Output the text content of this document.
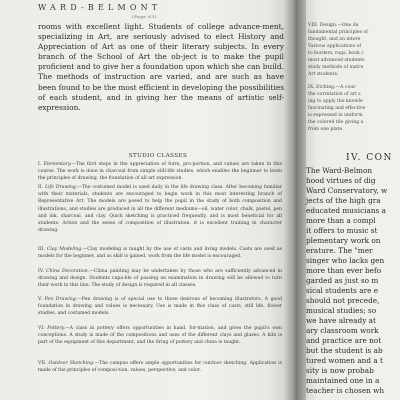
WARD-BELMONT
(Page 63)

rooms with excellent light. Students of college advance-ment, specializing in Art, are seriously advised to elect History and Appreciation of Art as one of their literary subjects. In every branch of the School of Art the ob-ject is to make the pupil proficient and to give her a foundation upon which she can build. The methods of instruction are varied, and are such as have been found to be the most efficient in developing the possibilities of each student, and in giving her the means of artistic self-expression.

STUDIO CLASSES
I. Elementary.—The first steps in the appreciation of form, pro-portion, and values are taken in this course. The work is done in charcoal from simple still-life studies, which enables the beginner to learn the principles of drawing, the foundation of all art expression.
II. Life Drawing.—The costumed model is used daily in the life drawing class. After becoming familiar with their materials, students are encouraged to begin work in this most interesting branch of Representative Art. The models are posed to help the pupil in the study of both composition and illustrations, and studies are produced in all the different mediums—oil, water color, chalk, pastel, pen and ink, charcoal, and clay. Quick sketching is practiced frequently, and is most beneficial for all students. Action and the sense of composition of illustration, it is excellent training in character drawing.
III. Clay Modeling.—Clay modeling is taught by the use of casts and living models. Casts are used as models for the beginner, and as skill is gained, work from the life model is encouraged.
IV. China Decoration.—China painting may be undertaken by those who are sufficiently advanced in drawing and design. Students capa-ble of passing an examination in drawing will be allowed to turn their work to this line. The study of design is required in all classes.
V. Pen Drawing.—Pen drawing is of special use to those desirous of becoming illustrators. A good foundation in drawing and values is necessary. Use is made in this class of casts, still life, flower studies, and costumed models.
VI. Pottery.—A class in pottery offers opportunities in hand, for-mation, and gives the pupil's own conceptions. A study is made of the compositions and uses of the different clays and glazes. A kiln is part of the equipment of this department, and the firing of pottery and china is taught.
VII. Outdoor Sketching.—The campus offers ample opportunities for outdoor sketching. Application is made of the principles of composi-tion, values, perspective, and color.
VIII. Design.—One da
fundamental principles of
thought, and an intere
Various applications of
to borders, rugs, book c
most advanced students
study methods of instru
Art students.
IX. Etching.—A cour
the correlation of art s
ing to apply the knowle
fascinating and effective
is expressed in uniform
the colored tile giving a
from one plate.
IV. CON
The Ward-Belmon
hood virtues of dig
Ward Conservatory, w
jects of the high gra
educated musicians a
more than a compl
it offers to music st
plementary work on
erature. The "mer
singer who lacks gen
more than ever befo
garded as just so m
sical students are e
should not precede,
musical studies; so
we have already at
ary classroom work
and practice are not
but the student is ab
tured women and a t
sity is now probab
maintained one in a
teacher is chosen wh
